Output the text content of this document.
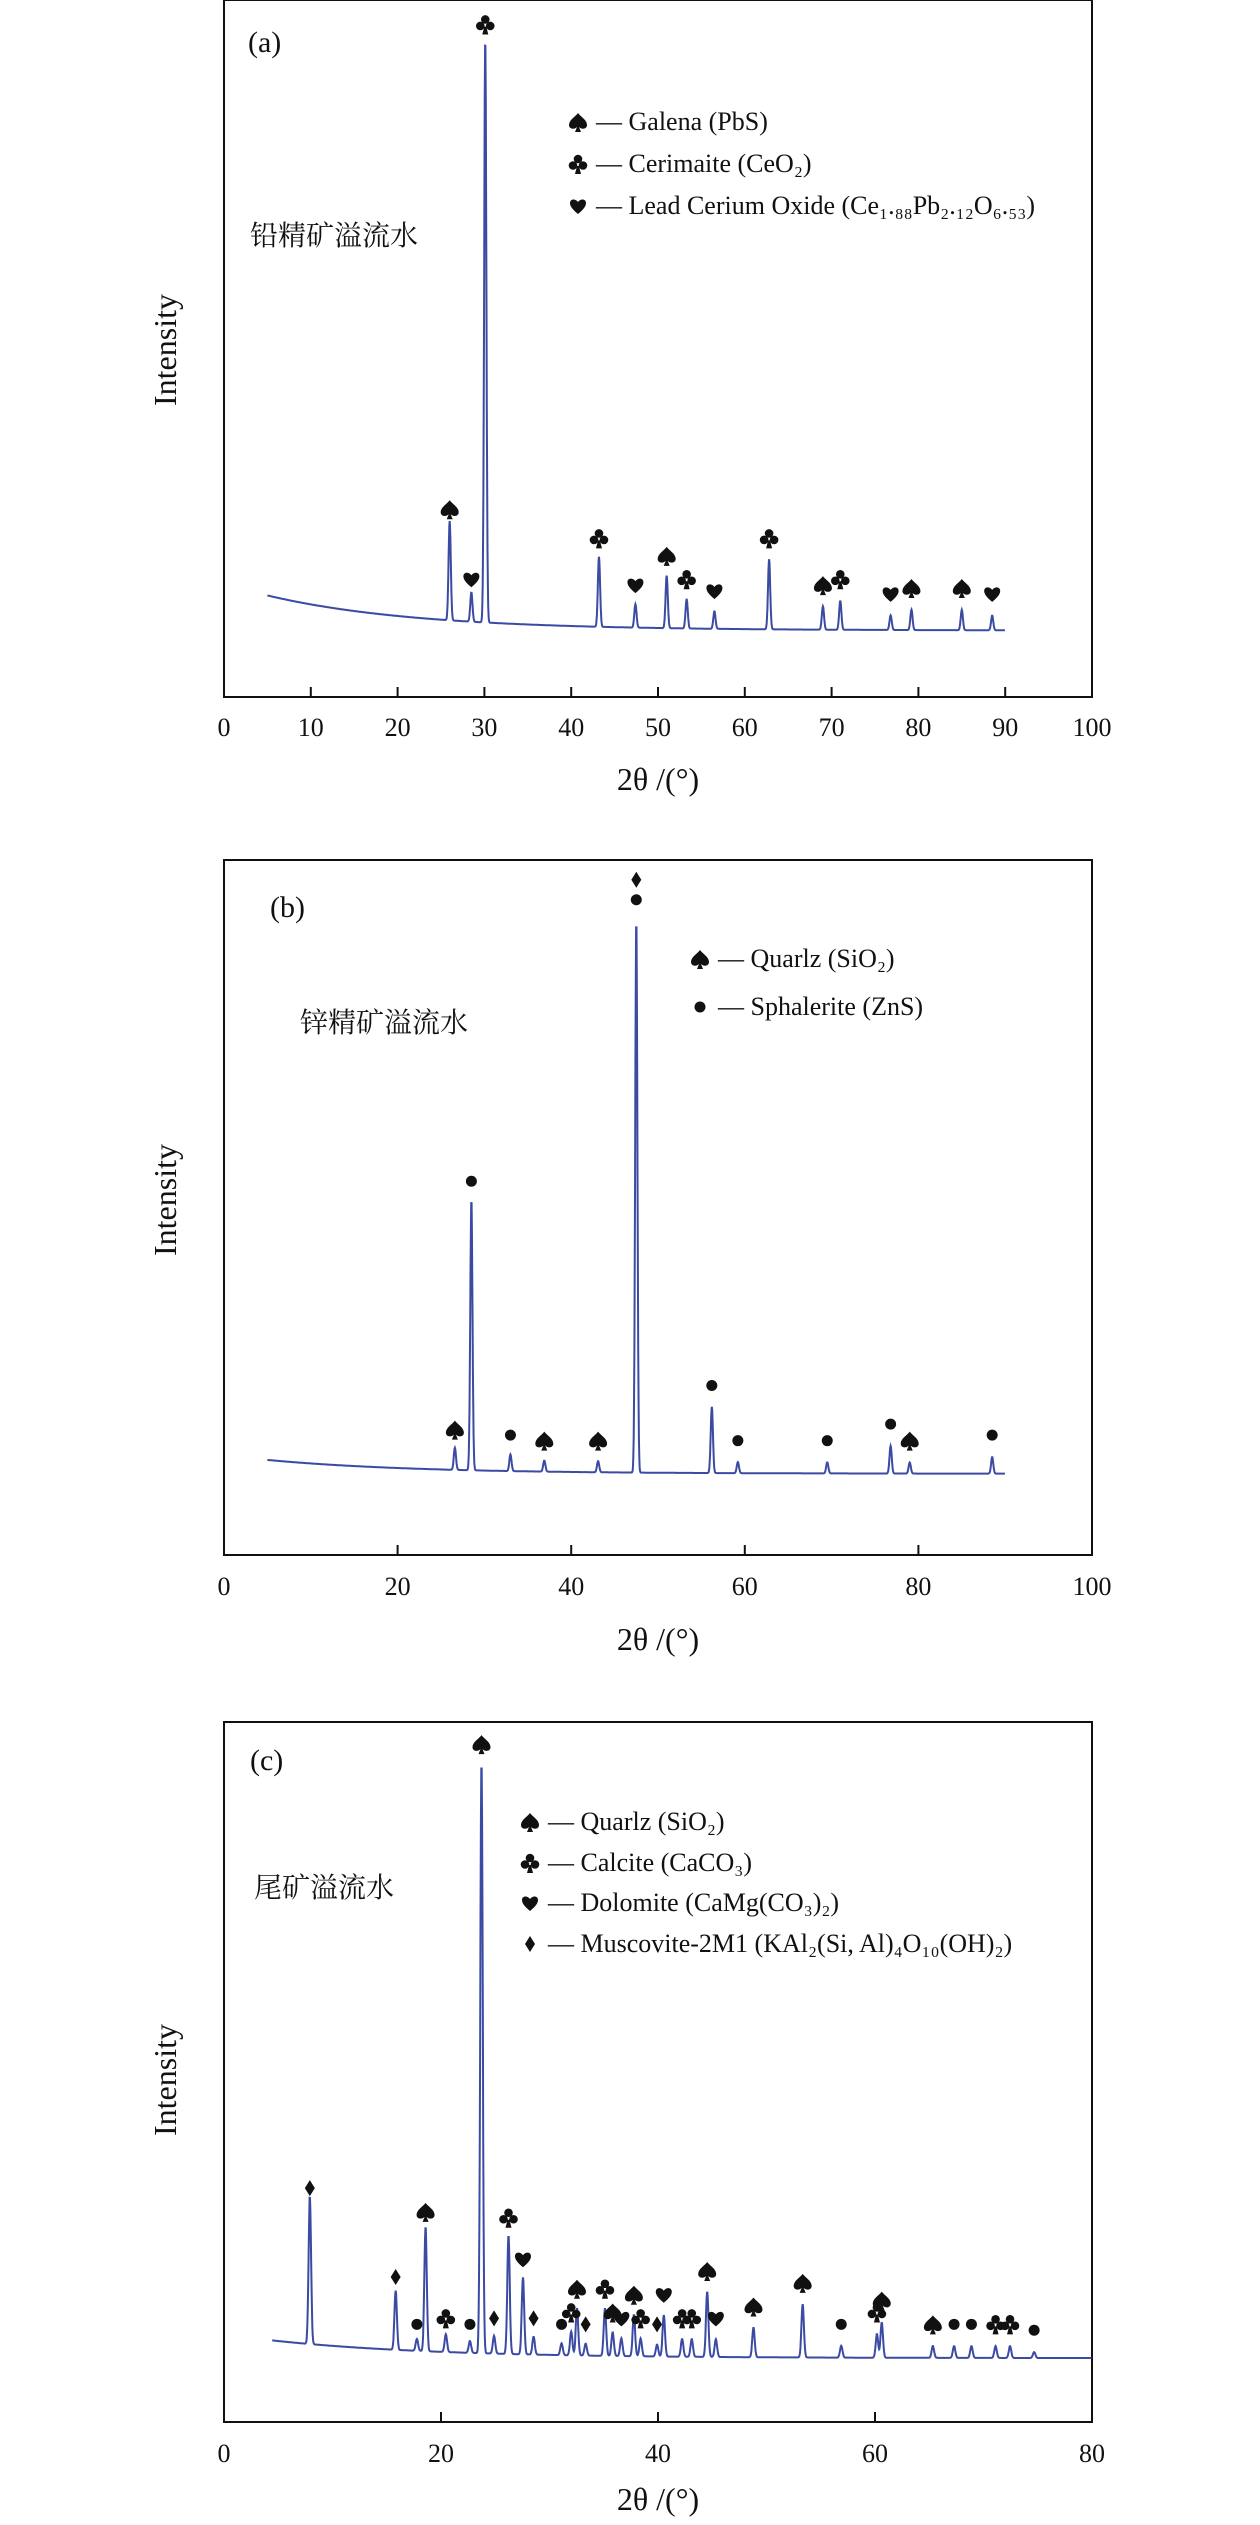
0	10 20 30 40 50 60 70 80 90 100
2θ /(°)
Intensity
(a)
铅精矿溢流水
— Galena (PbS)
— Cerimaite (CeO₂)
— Lead Cerium Oxide (Ce₁.₈₈Pb₂.₁₂O₆.₅₃)
0	20	40	60	80	100
2θ /(°)
Intensity
(b)
锌精矿溢流水
— Quarlz (SiO₂)
— Sphalerite (ZnS)
0	20	40	60	80
2θ /(°)
Intensity
(c)
尾矿溢流水
— Quarlz (SiO₂)
— Calcite (CaCO₃)
— Dolomite (CaMg(CO₃)₂)
— Muscovite-2M1 (KAl₂(Si, Al)₄O₁₀(OH)₂)
